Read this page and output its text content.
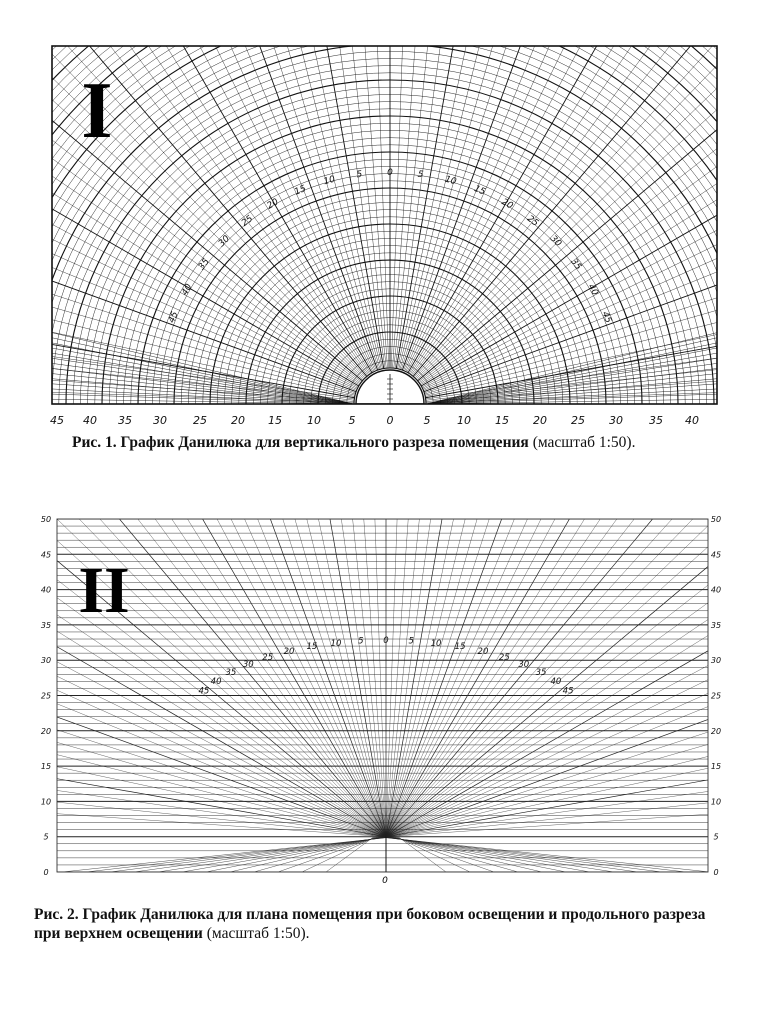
I
45 40 35 30 25 20 15 10	5	0	5 10 15 20 25 30 35 40
0
5
10
15
20
25
30
35
40
45
5 10
15
20
25
30
35
40
45
Рис. 1. График Данилюка для вертикального разреза помещения (масштаб 1:50).
II
50
45
40
35
30
25
20
15
10
5
0
50
45
40
35
30
25
20
15
10
5
0
0
5
10
15
20
25
30
35
40
45
5 10 15 20
25
30
35
40
45
0
Рис. 2. График Данилюка для плана помещения при боковом освещении и продольного разреза при верхнем освещении (масштаб 1:50).
